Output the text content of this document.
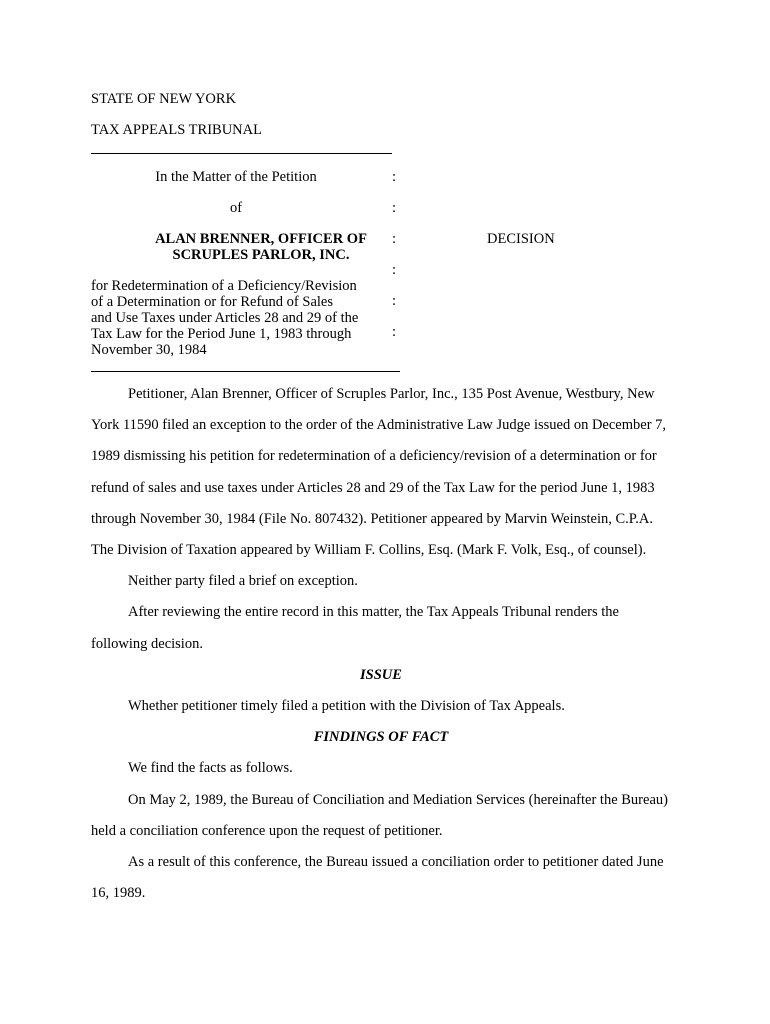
STATE OF NEW YORK
TAX APPEALS TRIBUNAL
In the Matter of the Petition
of
ALAN BRENNER, OFFICER OF
SCRUPLES PARLOR, INC.
for Redetermination of a Deficiency/Revision
of a Determination or for Refund of Sales
and Use Taxes under Articles 28 and 29 of the
Tax Law for the Period June 1, 1983 through
November 30, 1984
:
:
:
:
:
:
DECISION

Petitioner, Alan Brenner, Officer of Scruples Parlor, Inc., 135 Post Avenue, Westbury, New York 11590 filed an exception to the order of the Administrative Law Judge issued on December 7, 1989 dismissing his petition for redetermination of a deficiency/revision of a determination or for refund of sales and use taxes under Articles 28 and 29 of the Tax Law for the period June 1, 1983 through November 30, 1984 (File No. 807432). Petitioner appeared by Marvin Weinstein, C.P.A. The Division of Taxation appeared by William F. Collins, Esq. (Mark F. Volk, Esq., of counsel).

Neither party filed a brief on exception.

After reviewing the entire record in this matter, the Tax Appeals Tribunal renders the following decision.

ISSUE

Whether petitioner timely filed a petition with the Division of Tax Appeals.

FINDINGS OF FACT

We find the facts as follows.

On May 2, 1989, the Bureau of Conciliation and Mediation Services (hereinafter the Bureau) held a conciliation conference upon the request of petitioner.

As a result of this conference, the Bureau issued a conciliation order to petitioner dated June 16, 1989.
